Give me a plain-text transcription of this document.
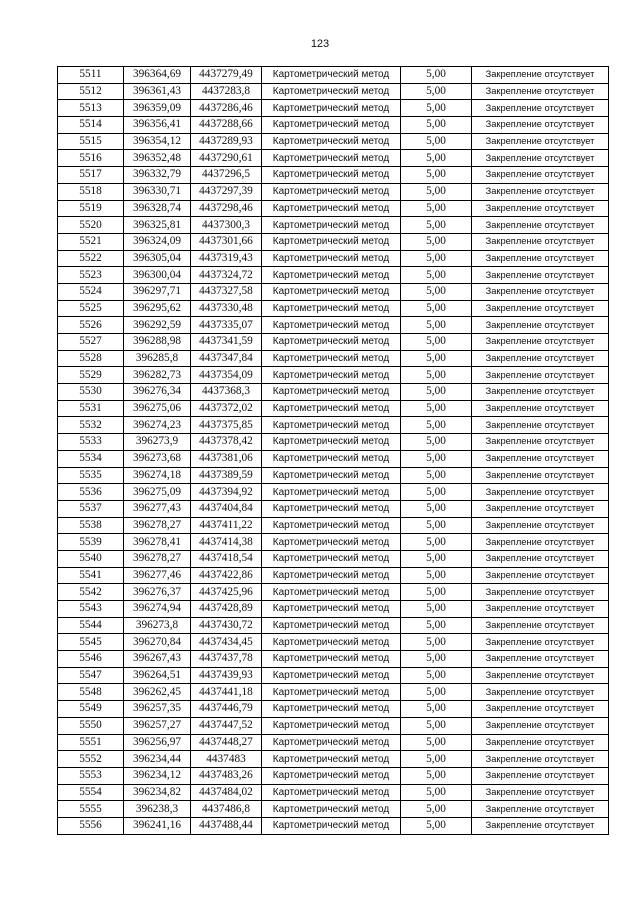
123
5511	396364,69	4437279,49	Картометрический метод	5,00	Закрепление отсутствует
5512	396361,43	4437283,8	Картометрический метод	5,00	Закрепление отсутствует
5513	396359,09	4437286,46	Картометрический метод	5,00	Закрепление отсутствует
5514	396356,41	4437288,66	Картометрический метод	5,00	Закрепление отсутствует
5515	396354,12	4437289,93	Картометрический метод	5,00	Закрепление отсутствует
5516	396352,48	4437290,61	Картометрический метод	5,00	Закрепление отсутствует
5517	396332,79	4437296,5	Картометрический метод	5,00	Закрепление отсутствует
5518	396330,71	4437297,39	Картометрический метод	5,00	Закрепление отсутствует
5519	396328,74	4437298,46	Картометрический метод	5,00	Закрепление отсутствует
5520	396325,81	4437300,3	Картометрический метод	5,00	Закрепление отсутствует
5521	396324,09	4437301,66	Картометрический метод	5,00	Закрепление отсутствует
5522	396305,04	4437319,43	Картометрический метод	5,00	Закрепление отсутствует
5523	396300,04	4437324,72	Картометрический метод	5,00	Закрепление отсутствует
5524	396297,71	4437327,58	Картометрический метод	5,00	Закрепление отсутствует
5525	396295,62	4437330,48	Картометрический метод	5,00	Закрепление отсутствует
5526	396292,59	4437335,07	Картометрический метод	5,00	Закрепление отсутствует
5527	396288,98	4437341,59	Картометрический метод	5,00	Закрепление отсутствует
5528	396285,8	4437347,84	Картометрический метод	5,00	Закрепление отсутствует
5529	396282,73	4437354,09	Картометрический метод	5,00	Закрепление отсутствует
5530	396276,34	4437368,3	Картометрический метод	5,00	Закрепление отсутствует
5531	396275,06	4437372,02	Картометрический метод	5,00	Закрепление отсутствует
5532	396274,23	4437375,85	Картометрический метод	5,00	Закрепление отсутствует
5533	396273,9	4437378,42	Картометрический метод	5,00	Закрепление отсутствует
5534	396273,68	4437381,06	Картометрический метод	5,00	Закрепление отсутствует
5535	396274,18	4437389,59	Картометрический метод	5,00	Закрепление отсутствует
5536	396275,09	4437394,92	Картометрический метод	5,00	Закрепление отсутствует
5537	396277,43	4437404,84	Картометрический метод	5,00	Закрепление отсутствует
5538	396278,27	4437411,22	Картометрический метод	5,00	Закрепление отсутствует
5539	396278,41	4437414,38	Картометрический метод	5,00	Закрепление отсутствует
5540	396278,27	4437418,54	Картометрический метод	5,00	Закрепление отсутствует
5541	396277,46	4437422,86	Картометрический метод	5,00	Закрепление отсутствует
5542	396276,37	4437425,96	Картометрический метод	5,00	Закрепление отсутствует
5543	396274,94	4437428,89	Картометрический метод	5,00	Закрепление отсутствует
5544	396273,8	4437430,72	Картометрический метод	5,00	Закрепление отсутствует
5545	396270,84	4437434,45	Картометрический метод	5,00	Закрепление отсутствует
5546	396267,43	4437437,78	Картометрический метод	5,00	Закрепление отсутствует
5547	396264,51	4437439,93	Картометрический метод	5,00	Закрепление отсутствует
5548	396262,45	4437441,18	Картометрический метод	5,00	Закрепление отсутствует
5549	396257,35	4437446,79	Картометрический метод	5,00	Закрепление отсутствует
5550	396257,27	4437447,52	Картометрический метод	5,00	Закрепление отсутствует
5551	396256,97	4437448,27	Картометрический метод	5,00	Закрепление отсутствует
5552	396234,44	4437483	Картометрический метод	5,00	Закрепление отсутствует
5553	396234,12	4437483,26	Картометрический метод	5,00	Закрепление отсутствует
5554	396234,82	4437484,02	Картометрический метод	5,00	Закрепление отсутствует
5555	396238,3	4437486,8	Картометрический метод	5,00	Закрепление отсутствует
5556	396241,16	4437488,44	Картометрический метод	5,00	Закрепление отсутствует
